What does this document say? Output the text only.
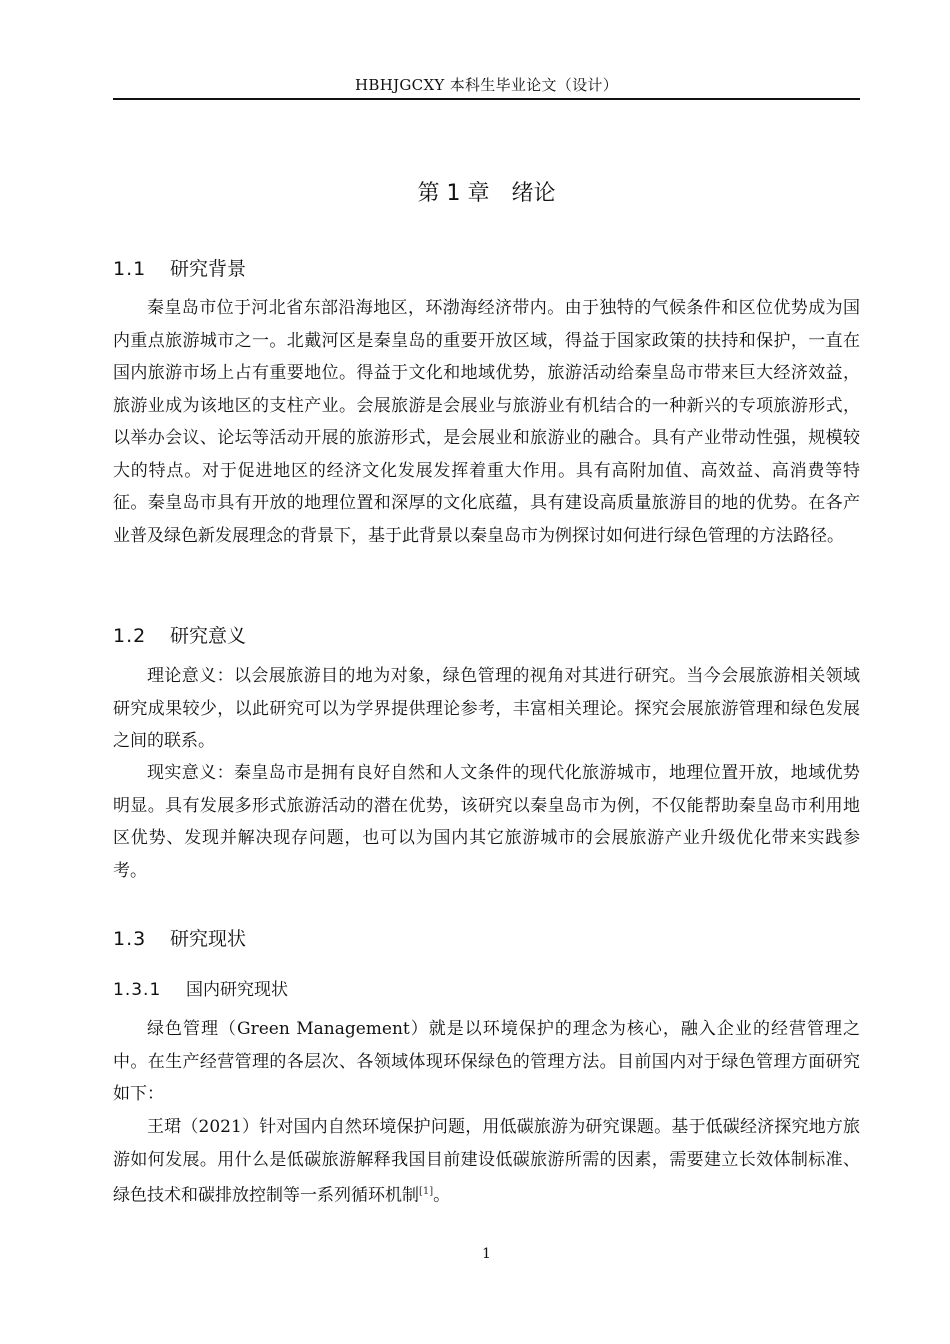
HBHJGCXY 本科生毕业论文（设计）
第 1 章 绪论
1.1 研究背景

秦皇岛市位于河北省东部沿海地区，环渤海经济带内。由于独特的气候条件和区位优势成为国内重点旅游城市之一。北戴河区是秦皇岛的重要开放区域，得益于国家政策的扶持和保护，一直在国内旅游市场上占有重要地位。得益于文化和地域优势，旅游活动给秦皇岛市带来巨大经济效益，旅游业成为该地区的支柱产业。会展旅游是会展业与旅游业有机结合的一种新兴的专项旅游形式，以举办会议、论坛等活动开展的旅游形式，是会展业和旅游业的融合。具有产业带动性强，规模较大的特点。对于促进地区的经济文化发展发挥着重大作用。具有高附加值、高效益、高消费等特征。秦皇岛市具有开放的地理位置和深厚的文化底蕴，具有建设高质量旅游目的地的优势。在各产业普及绿色新发展理念的背景下，基于此背景以秦皇岛市为例探讨如何进行绿色管理的方法路径。

1.2 研究意义

理论意义：以会展旅游目的地为对象，绿色管理的视角对其进行研究。当今会展旅游相关领域研究成果较少，以此研究可以为学界提供理论参考，丰富相关理论。探究会展旅游管理和绿色发展之间的联系。

现实意义：秦皇岛市是拥有良好自然和人文条件的现代化旅游城市，地理位置开放，地域优势明显。具有发展多形式旅游活动的潜在优势，该研究以秦皇岛市为例，不仅能帮助秦皇岛市利用地区优势、发现并解决现存问题，也可以为国内其它旅游城市的会展旅游产业升级优化带来实践参考。

1.3 研究现状
1.3.1 国内研究现状

绿色管理（Green Management）就是以环境保护的理念为核心，融入企业的经营管理之中。在生产经营管理的各层次、各领域体现环保绿色的管理方法。目前国内对于绿色管理方面研究如下：

王珺（2021）针对国内自然环境保护问题，用低碳旅游为研究课题。基于低碳经济探究地方旅游如何发展。用什么是低碳旅游解释我国目前建设低碳旅游所需的因素，需要建立长效体制标准、绿色技术和碳排放控制等一系列循环机制[1]。

1
